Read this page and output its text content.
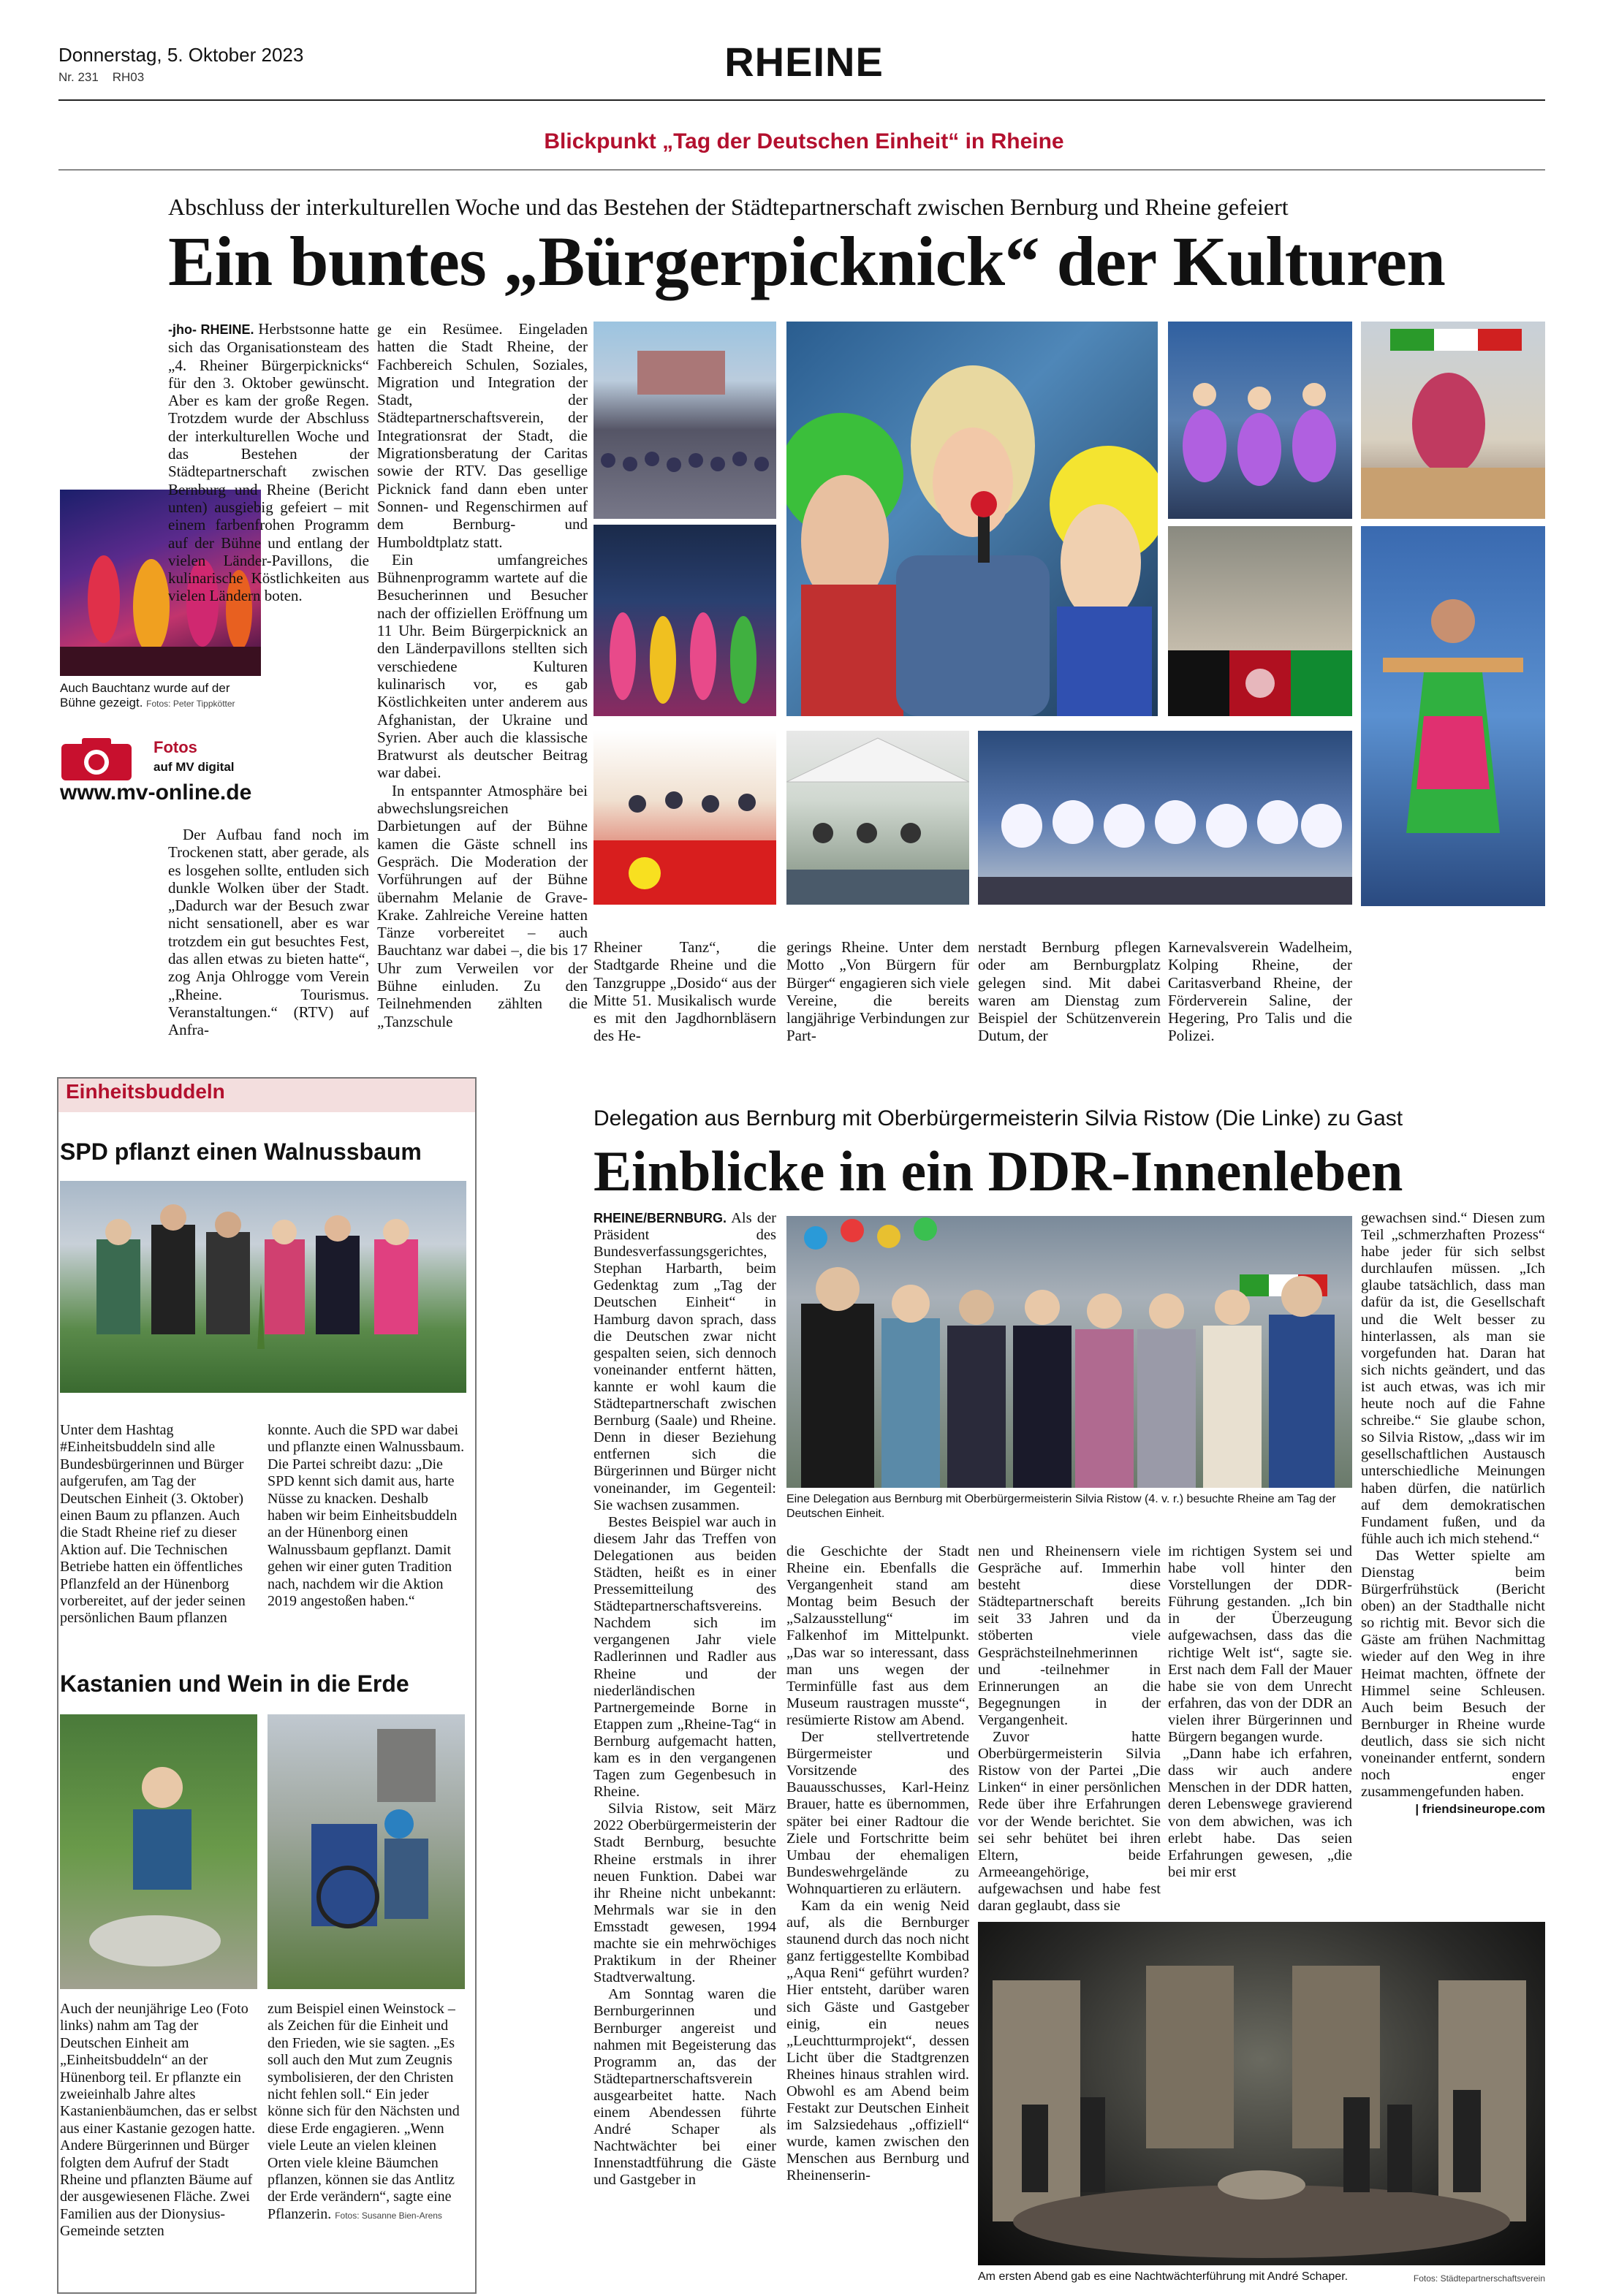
Donnerstag, 5. Oktober 2023
Nr. 231 RH03	RHEINE
Blickpunkt „Tag der Deutschen Einheit“ in Rheine
Abschluss der interkulturellen Woche und das Bestehen der Städtepartnerschaft zwischen Bernburg und Rheine gefeiert
Ein buntes „Bürgerpicknick“ der Kulturen
Auch Bauchtanz wurde auf der Bühne gezeigt. Fotos: Peter Tippkötter
Fotos
auf MV digital
www.mv-online.de

-jho- RHEINE. Herbstsonne hatte sich das Organisationsteam des „4. Rheiner Bürgerpicknicks“ für den 3. Oktober gewünscht. Aber es kam der große Regen. Trotzdem wurde der Abschluss der interkulturellen Woche und das Bestehen der Städtepartnerschaft zwischen Bernburg und Rheine (Bericht unten) ausgiebig gefeiert – mit einem farbenfrohen Programm auf der Bühne und entlang der vielen Länder-Pavillons, die kulinarische Köstlichkeiten aus vielen Ländern boten.

Der Aufbau fand noch im Trockenen statt, aber gerade, als es losgehen sollte, entluden sich dunkle Wolken über der Stadt. „Dadurch war der Besuch zwar nicht sensationell, aber es war trotzdem ein gut besuchtes Fest, das allen etwas zu bieten hatte“, zog Anja Ohlrogge vom Verein „Rheine. Tourismus. Veranstaltungen.“ (RTV) auf Anfra-

ge ein Resümee. Eingeladen hatten die Stadt Rheine, der Fachbereich Schulen, Soziales, Migration und Integration der Stadt, der Städtepartnerschaftsverein, der Integrationsrat der Stadt, die Migrationsberatung der Caritas sowie der RTV. Das gesellige Picknick fand dann eben unter Sonnen- und Regenschirmen auf dem Bernburg- und Humboldtplatz statt.

Ein umfangreiches Bühnenprogramm wartete auf die Besucherinnen und Besucher nach der offiziellen Eröffnung um 11 Uhr. Beim Bürgerpicknick an den Länderpavillons stellten sich verschiedene Kulturen kulinarisch vor, es gab Köstlichkeiten unter anderem aus Afghanistan, der Ukraine und Syrien. Aber auch die klassische Bratwurst als deutscher Beitrag war dabei.

In entspannter Atmosphäre bei abwechslungsreichen Darbietungen auf der Bühne kamen die Gäste schnell ins Gespräch. Die Moderation der Vorführungen auf der Bühne übernahm Melanie de Grave-Krake. Zahlreiche Vereine hatten Tänze vorbereitet – auch Bauchtanz war dabei –, die bis 17 Uhr zum Verweilen vor der Bühne einluden. Zu den Teilnehmenden zählten die „Tanzschule

Rheiner Tanz“, die Stadtgarde Rheine und die Tanzgruppe „Dosido“ aus der Mitte 51. Musikalisch wurde es mit den Jagdhornbläsern des He-

gerings Rheine. Unter dem Motto „Von Bürgern für Bürger“ engagieren sich viele Vereine, die bereits langjährige Verbindungen zur Part-

nerstadt Bernburg pflegen oder am Bernburgplatz gelegen sind. Mit dabei waren am Dienstag zum Beispiel der Schützenverein Dutum, der

Karnevalsverein Wadelheim, Kolping Rheine, der Caritasverband Rheine, der Förderverein Saline, der Hegering, Pro Talis und die Polizei.

Einheitsbuddeln
SPD pflanzt einen Walnussbaum
Unter dem Hashtag #Einheitsbuddeln sind alle Bundesbürgerinnen und Bürger aufgerufen, am Tag der Deutschen Einheit (3. Oktober) einen Baum zu pflanzen. Auch die Stadt Rheine rief zu dieser Aktion auf. Die Technischen Betriebe hatten ein öffentliches Pflanzfeld an der Hünenborg vorbereitet, auf der jeder seinen persönlichen Baum pflanzen
konnte. Auch die SPD war dabei und pflanzte einen Walnussbaum. Die Partei schreibt dazu: „Die SPD kennt sich damit aus, harte Nüsse zu knacken. Deshalb haben wir beim Einheitsbuddeln an der Hünenborg einen Walnussbaum gepflanzt. Damit gehen wir einer guten Tradition nach, nachdem wir die Aktion 2019 angestoßen haben.“
Kastanien und Wein in die Erde
Auch der neunjährige Leo (Foto links) nahm am Tag der Deutschen Einheit am „Einheitsbuddeln“ an der Hünenborg teil. Er pflanzte ein zweieinhalb Jahre altes Kastanienbäumchen, das er selbst aus einer Kastanie gezogen hatte. Andere Bürgerinnen und Bürger folgten dem Aufruf der Stadt Rheine und pflanzten Bäume auf der ausgewiesenen Fläche. Zwei Familien aus der Dionysius-Gemeinde setzten
zum Beispiel einen Weinstock – als Zeichen für die Einheit und den Frieden, wie sie sagten. „Es soll auch den Mut zum Zeugnis symbolisieren, der den Christen nicht fehlen soll.“ Ein jeder könne sich für den Nächsten und diese Erde engagieren. „Wenn viele Leute an vielen kleinen Orten viele kleine Bäumchen pflanzen, können sie das Antlitz der Erde verändern“, sagte eine Pflanzerin. Fotos: Susanne Bien-Arens
Delegation aus Bernburg mit Oberbürgermeisterin Silvia Ristow (Die Linke) zu Gast
Einblicke in ein DDR-Innenleben

RHEINE/BERNBURG. Als der Präsident des Bundesverfassungsgerichtes, Stephan Harbarth, beim Gedenktag zum „Tag der Deutschen Einheit“ in Hamburg davon sprach, dass die Deutschen zwar nicht gespalten seien, sich dennoch voneinander entfernt hätten, kannte er wohl kaum die Städtepartnerschaft zwischen Bernburg (Saale) und Rheine. Denn in dieser Beziehung entfernen sich die Bürgerinnen und Bürger nicht voneinander, im Gegenteil: Sie wachsen zusammen.

Bestes Beispiel war auch in diesem Jahr das Treffen von Delegationen aus beiden Städten, heißt es in einer Pressemitteilung des Städtepartnerschaftsvereins. Nachdem sich im vergangenen Jahr viele Radlerinnen und Radler aus Rheine und der niederländischen Partnergemeinde Borne in Etappen zum „Rheine-Tag“ in Bernburg aufgemacht hatten, kam es in den vergangenen Tagen zum Gegenbesuch in Rheine.

Silvia Ristow, seit März 2022 Oberbürgermeisterin der Stadt Bernburg, besuchte Rheine erstmals in ihrer neuen Funktion. Dabei war ihr Rheine nicht unbekannt: Mehrmals war sie in den Emsstadt gewesen, 1994 machte sie ein mehrwöchiges Praktikum in der Rheiner Stadtverwaltung.

Am Sonntag waren die Bernburgerinnen und Bernburger angereist und nahmen mit Begeisterung das Programm an, das der Städtepartnerschaftsverein ausgearbeitet hatte. Nach einem Abendessen führte André Schaper als Nachtwächter bei einer Innenstadtführung die Gäste und Gastgeber in

Eine Delegation aus Bernburg mit Oberbürgermeisterin Silvia Ristow (4. v. r.) besuchte Rheine am Tag der Deutschen Einheit.

die Geschichte der Stadt Rheine ein. Ebenfalls die Vergangenheit stand am Montag beim Besuch der „Salzausstellung“ im Falkenhof im Mittelpunkt. „Das war so interessant, dass man uns wegen der Terminfülle fast aus dem Museum raustragen musste“, resümierte Ristow am Abend.

Der stellvertretende Bürgermeister und Vorsitzende des Bauausschusses, Karl-Heinz Brauer, hatte es übernommen, später bei einer Radtour die Ziele und Fortschritte beim Umbau der ehemaligen Bundeswehrgelände zu Wohnquartieren zu erläutern.

Kam da ein wenig Neid auf, als die Bernburger staunend durch das noch nicht ganz fertiggestellte Kombibad „Aqua Reni“ geführt wurden? Hier entsteht, darüber waren sich Gäste und Gastgeber einig, ein neues „Leuchtturmprojekt“, dessen Licht über die Stadtgrenzen Rheines hinaus strahlen wird. Obwohl es am Abend beim Festakt zur Deutschen Einheit im Salzsiedehaus „offiziell“ wurde, kamen zwischen den Menschen aus Bernburg und Rheinenserin-

nen und Rheinensern viele Gespräche auf. Immerhin besteht diese Städtepartnerschaft bereits seit 33 Jahren und da stöberten viele Gesprächsteilnehmerinnen und -teilnehmer in Erinnerungen an die Begegnungen in der Vergangenheit.

Zuvor hatte Oberbürgermeisterin Silvia Ristow von der Partei „Die Linken“ in einer persönlichen Rede über ihre Erfahrungen vor der Wende berichtet. Sie sei sehr behütet bei ihren Eltern, beide Armeeangehörige, aufgewachsen und habe fest daran geglaubt, dass sie

im richtigen System sei und habe voll hinter den Vorstellungen der DDR-Führung gestanden. „Ich bin in der Überzeugung aufgewachsen, dass das die richtige Welt ist“, sagte sie. Erst nach dem Fall der Mauer habe sie von dem Unrecht erfahren, das von der DDR an vielen ihrer Bürgerinnen und Bürgern begangen wurde.

„Dann habe ich erfahren, dass wir auch andere Menschen in der DDR hatten, deren Lebenswege gravierend von dem abwichen, was ich erlebt habe. Das seien Erfahrungen gewesen, „die bei mir erst

gewachsen sind.“ Diesen zum Teil „schmerzhaften Prozess“ habe jeder für sich selbst durchlaufen müssen. „Ich glaube tatsächlich, dass man dafür da ist, die Gesellschaft und die Welt besser zu hinterlassen, als man sie vorgefunden hat. Daran hat sich nichts geändert, und das ist auch etwas, was ich mir heute noch auf die Fahne schreibe.“ Sie glaube schon, so Silvia Ristow, „dass wir im gesellschaftlichen Austausch unterschiedliche Meinungen haben dürfen, die natürlich auf dem demokratischen Fundament fußen, und da fühle auch ich mich stehend.“

Das Wetter spielte am Dienstag beim Bürgerfrühstück (Bericht oben) an der Stadthalle nicht so richtig mit. Bevor sich die Gäste am frühen Nachmittag wieder auf den Weg in ihre Heimat machten, öffnete der Himmel seine Schleusen. Auch beim Besuch der Bernburger in Rheine wurde deutlich, dass sie sich nicht voneinander entfernt, sondern noch enger zusammengefunden haben.

| friendsineurope.com

Am ersten Abend gab es eine Nachtwächterführung mit André Schaper.	Fotos: Städtepartnerschaftsverein
